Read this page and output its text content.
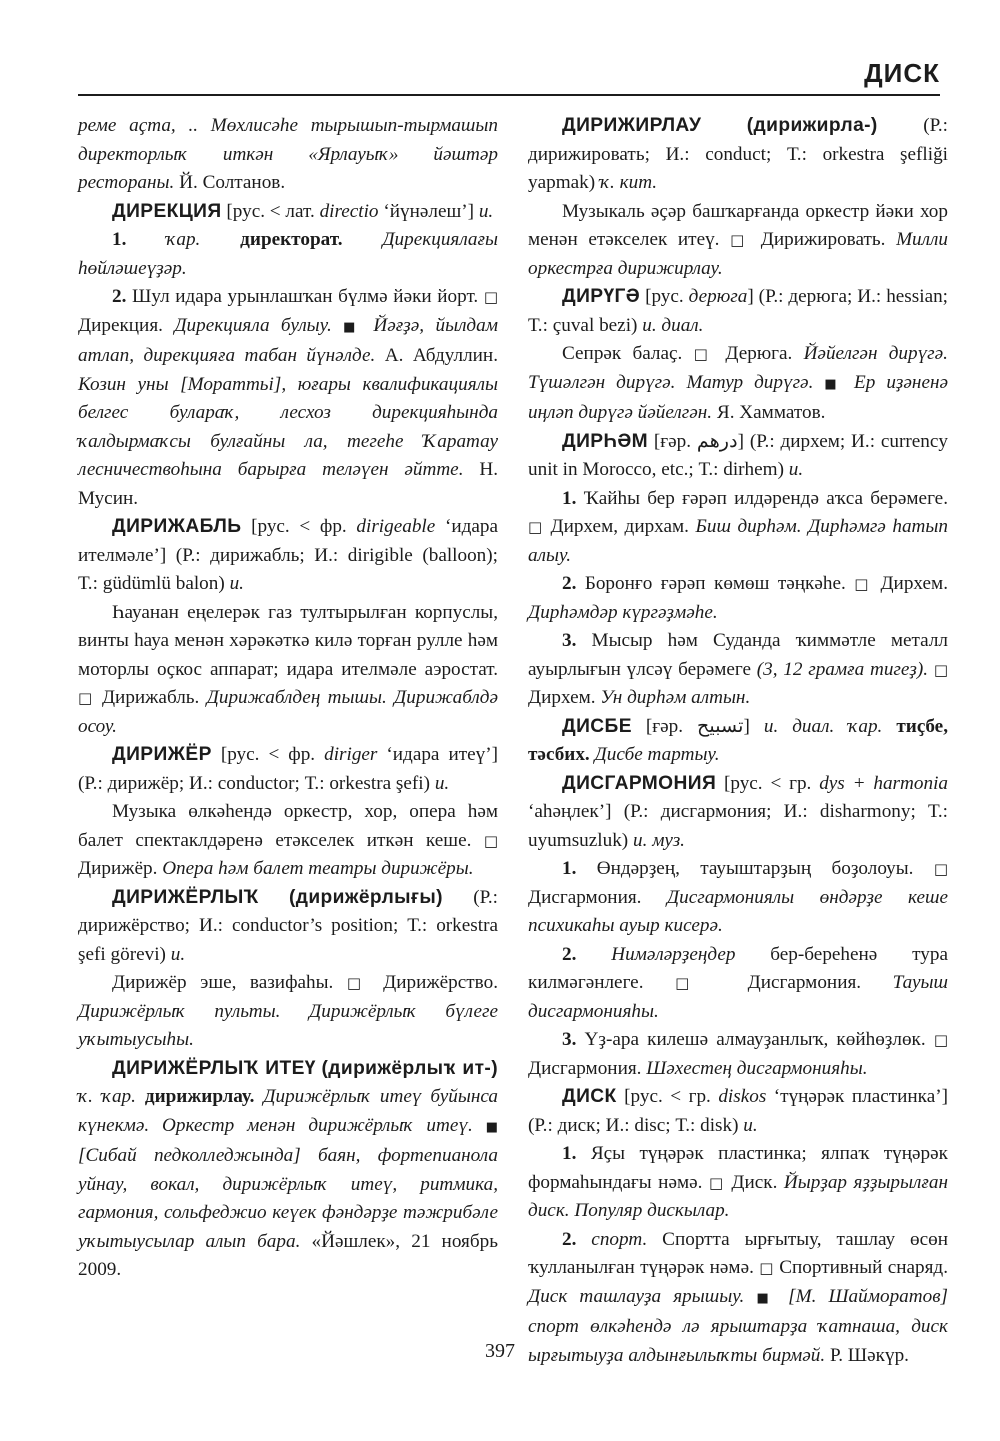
ДИСК

реме аҫта, .. Мөхлисәһе тырышып-тырмашып директорлыҡ иткән «Ярлауыҡ» йәштәр рестораны. Й. Солтанов.

ДИРЕКЦИЯ [рус. < лат. directio ‘йүнәлеш’] и.

1. ҡар. директорат. Дирекциялағы һөйләшеүҙәр.

2. Шул идара урынлашҡан бүлмә йәки йорт. □ Дирекция. Дирекцияла булыу. ■ Йәғҙә, йылдам атлап, дирекцияға табан йүнәлде. А. Абдуллин. Козин уны [Мораттьі], юғары квалификациялы белгес булараҡ, лесхоз дирекцияһында ҡалдырмаҡсы булғайны ла, тегеһе Ҡаратау лесничествоһына барырға теләүен әйтте. Н. Мусин.

ДИРИЖАБЛЬ [рус. < фр. dirigeable ‘идара ителмәле’] (Р.: дирижабль; И.: dirigible (balloon); Т.: güdümlü balon) и.

Һауанан еңелерәк газ тултырылған корпуслы, винты һауа менән хәрәкәткә килә торған рулле һәм моторлы оҫкос аппарат; идара ителмәле аэростат. □ Дирижабль. Дирижаблдең тышы. Дирижаблдә осоу.

ДИРИЖЁР [рус. < фр. diriger ‘идара итеү’] (Р.: дирижёр; И.: conductor; Т.: orkestra şefi) и.

Музыка өлкәһендә оркестр, хор, опера һәм балет спектаклдәренә етәкселек иткән кеше. □ Дирижёр. Опера һәм балет театры дирижёры.

ДИРИЖЁРЛЫҠ (дирижёрлығы) (Р.: дирижёрство; И.: conductor’s position; Т.: orkestra şefi görevi) и.

Дирижёр эше, вазифаһы. □ Дирижёрство. Дирижёрлыҡ пульты. Дирижёрлыҡ бүлеге уҡытыусыһы.

ДИРИЖЁРЛЫҠ ИТЕҮ (дирижёрлыҡ ит-) ҡ. ҡар. дирижирлау. Дирижёрлыҡ итеү буйынса күнекмә. Оркестр менән дирижёрлыҡ итеү. ■ [Сибай педколледжында] баян, фортепианола уйнау, вокал, дирижёрлыҡ итеү, ритмика, гармония, сольфеджио кеүек фәндәрҙе тәжрибәле уҡытыусылар алып бара. «Йәшлек», 21 ноябрь 2009.

ДИРИЖИРЛАУ (дирижирла-) (Р.: дирижировать; И.: conduct; Т.: orkestra şefliği yapmak) ҡ. кит.

Музыкаль әҫәр башҡарғанда оркестр йәки хор менән етәкселек итеү. □ Дирижировать. Милли оркестрға дирижирлау.

ДИРҮГӘ [рус. дерюга] (Р.: дерюга; И.: hessian; Т.: çuval bezi) и. диал.

Сепрәк балаҫ. □ Дерюга. Йәйелгән дирүгә. Түшәлгән дирүгә. Матур дирүгә. ■ Ер иҙәненә иңләп дирүгә йәйелгән. Я. Хамматов.

ДИРҺӘМ [ғәр. درهم] (Р.: дирхем; И.: currency unit in Morocco, etc.; Т.: dirhem) и.

1. Ҡайһы бер ғәрәп илдәрендә аҡса берәмеге. □ Дирхем, дирхам. Биш дирһәм. Дирһәмгә һатып алыу.

2. Боронғо ғәрәп көмөш тәңкәһе. □ Дирхем. Дирһәмдәр күргәҙмәһе.

3. Мысыр һәм Суданда ҡиммәтле металл ауырлығын үлсәү берәмеге (3, 12 грамға тигеҙ). □ Дирхем. Ун дирһәм алтын.

ДИСБЕ [ғәр. تسبيح] и. диал. ҡар. тиҫбе, тәсбих. Дисбе тартыу.

ДИСГАРМОНИЯ [рус. < гр. dys + harmonia ‘аһәңлек’] (Р.: дисгармония; И.: disharmony; Т.: uyumsuzluk) и. муз.

1. Өндәрҙең, тауыштарҙың боҙолоуы. □ Дисгармония. Дисгармониялы өндәрҙе кеше психикаһы ауыр кисерә.

2. Нимәләрҙеңдер бер-береһенә тура килмәгәнлеге. □ Дисгармония. Тауыш дисгармонияһы.

3. Үҙ-ара килешә алмауҙанлыҡ, көйһөҙлөк. □ Дисгармония. Шәхестең дисгармонияһы.

ДИСК [рус. < гр. diskos ‘түңәрәк пластинка’] (Р.: диск; И.: disc; Т.: disk) и.

1. Яҫы түңәрәк пластинка; ялпаҡ түңәрәк формаһындағы нәмә. □ Диск. Йырҙар яҙҙырылған диск. Популяр дискылар.

2. спорт. Спортта ырғытыу, ташлау өсөн ҡулланылған түңәрәк нәмә. □ Спортивный снаряд. Диск ташлауҙа ярышыу. ■ [М. Шайморатов] спорт өлкәһендә лә ярыштарҙа ҡатнаша, диск ырғытыуҙа алдынғылыҡты бирмәй. Р. Шәкүр.

397
